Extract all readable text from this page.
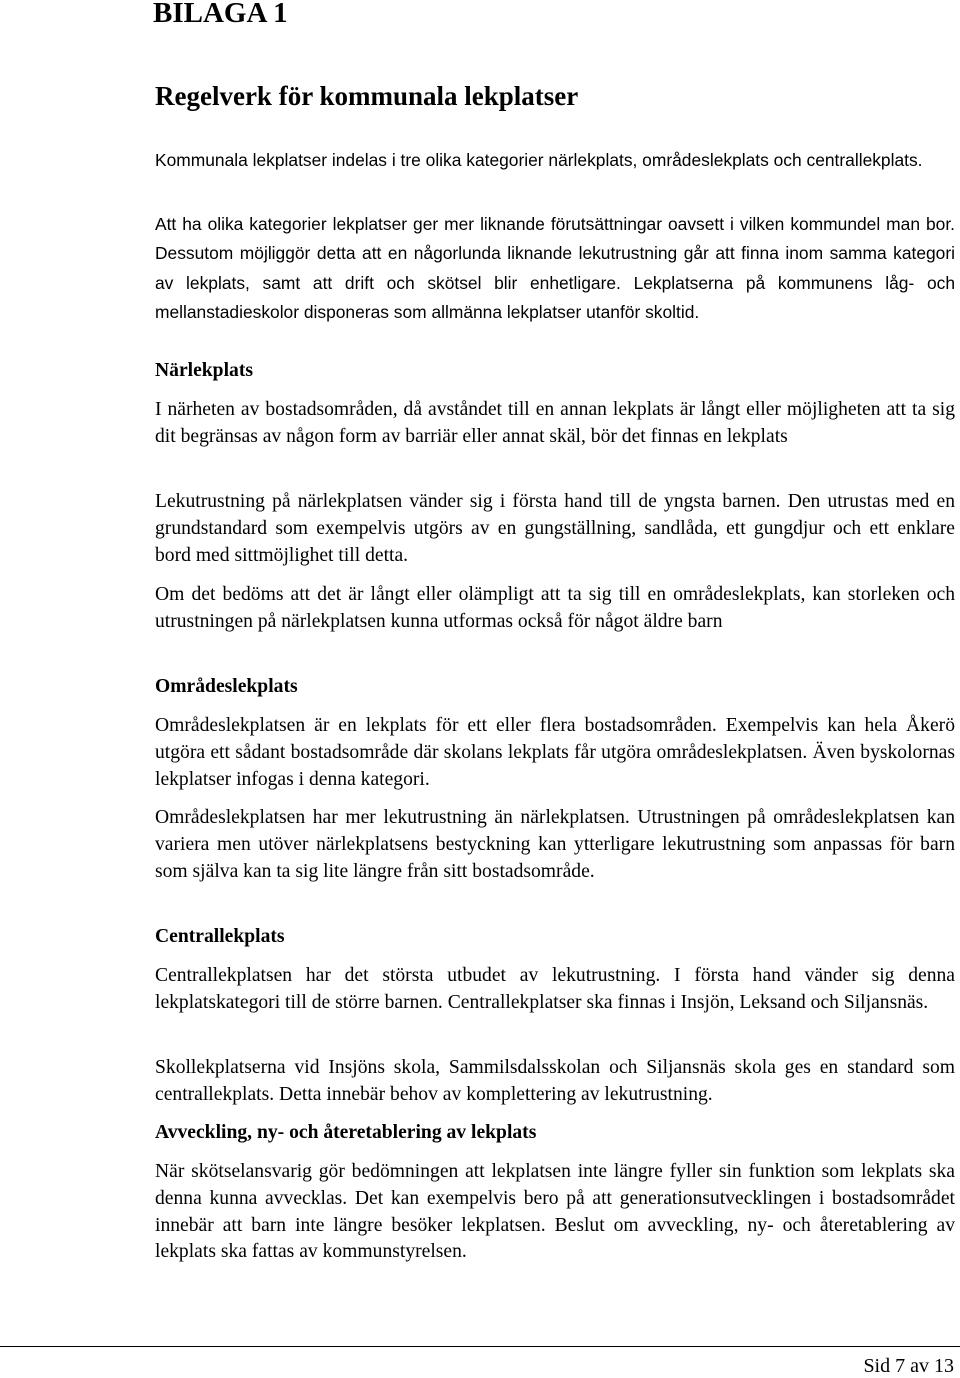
BILAGA 1
Regelverk för kommunala lekplatser

Kommunala lekplatser indelas i tre olika kategorier närlekplats, områdeslekplats och centrallekplats.

Att ha olika kategorier lekplatser ger mer liknande förutsättningar oavsett i vilken kommundel man bor. Dessutom möjliggör detta att en någorlunda liknande lekutrustning går att finna inom samma kategori av lekplats, samt att drift och skötsel blir enhetligare. Lekplatserna på kommunens låg- och mellanstadieskolor disponeras som allmänna lekplatser utanför skoltid.

Närlekplats

I närheten av bostadsområden, då avståndet till en annan lekplats är långt eller möjligheten att ta sig dit begränsas av någon form av barriär eller annat skäl, bör det finnas en lekplats

Lekutrustning på närlekplatsen vänder sig i första hand till de yngsta barnen. Den utrustas med en grundstandard som exempelvis utgörs av en gungställning, sandlåda, ett gungdjur och ett enklare bord med sittmöjlighet till detta.

Om det bedöms att det är långt eller olämpligt att ta sig till en områdeslekplats, kan storleken och utrustningen på närlekplatsen kunna utformas också för något äldre barn

Områdeslekplats

Områdeslekplatsen är en lekplats för ett eller flera bostadsområden. Exempelvis kan hela Åkerö utgöra ett sådant bostadsområde där skolans lekplats får utgöra områdeslekplatsen. Även byskolornas lekplatser infogas i denna kategori.

Områdeslekplatsen har mer lekutrustning än närlekplatsen. Utrustningen på områdeslekplatsen kan variera men utöver närlekplatsens bestyckning kan ytterligare lekutrustning som anpassas för barn som själva kan ta sig lite längre från sitt bostadsområde.

Centrallekplats

Centrallekplatsen har det största utbudet av lekutrustning. I första hand vänder sig denna lekplatskategori till de större barnen. Centrallekplatser ska finnas i Insjön, Leksand och Siljansnäs.

Skollekplatserna vid Insjöns skola, Sammilsdalsskolan och Siljansnäs skola ges en standard som centrallekplats. Detta innebär behov av komplettering av lekutrustning.

Avveckling, ny- och återetablering av lekplats

När skötselansvarig gör bedömningen att lekplatsen inte längre fyller sin funktion som lekplats ska denna kunna avvecklas. Det kan exempelvis bero på att generationsutvecklingen i bostadsområdet innebär att barn inte längre besöker lekplatsen. Beslut om avveckling, ny- och återetablering av lekplats ska fattas av kommunstyrelsen.

Sid 7 av 13
